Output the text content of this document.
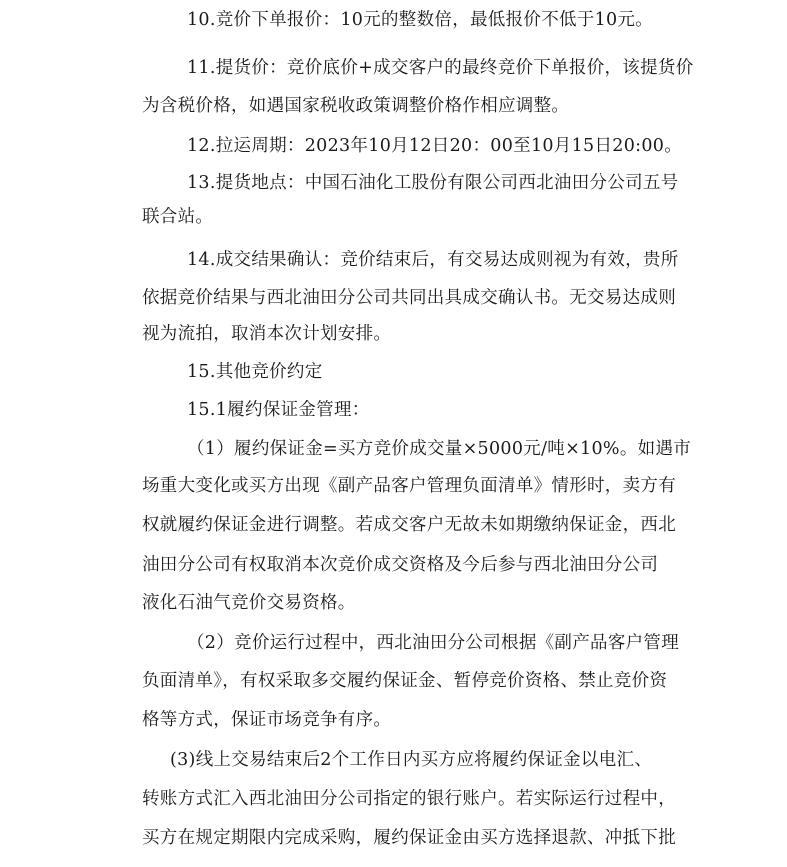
10.竞价下单报价：10元的整数倍，最低报价不低于10元。
11.提货价：竞价底价+成交客户的最终竞价下单报价，该提货价
为含税价格，如遇国家税收政策调整价格作相应调整。
12.拉运周期：2023年10月12日20：00至10月15日20:00。
13.提货地点：中国石油化工股份有限公司西北油田分公司五号
联合站。
14.成交结果确认：竞价结束后，有交易达成则视为有效，贵所
依据竞价结果与西北油田分公司共同出具成交确认书。无交易达成则
视为流拍，取消本次计划安排。
15.其他竞价约定
15.1履约保证金管理：
（1）履约保证金=买方竞价成交量×5000元/吨×10%。如遇市
场重大变化或买方出现《副产品客户管理负面清单》情形时，卖方有
权就履约保证金进行调整。若成交客户无故未如期缴纳保证金，西北
油田分公司有权取消本次竞价成交资格及今后参与西北油田分公司
液化石油气竞价交易资格。
（2）竞价运行过程中，西北油田分公司根据《副产品客户管理
负面清单》，有权采取多交履约保证金、暂停竞价资格、禁止竞价资
格等方式，保证市场竞争有序。
(3)线上交易结束后2个工作日内买方应将履约保证金以电汇、
转账方式汇入西北油田分公司指定的银行账户。若实际运行过程中，
买方在规定期限内完成采购，履约保证金由买方选择退款、冲抵下批
